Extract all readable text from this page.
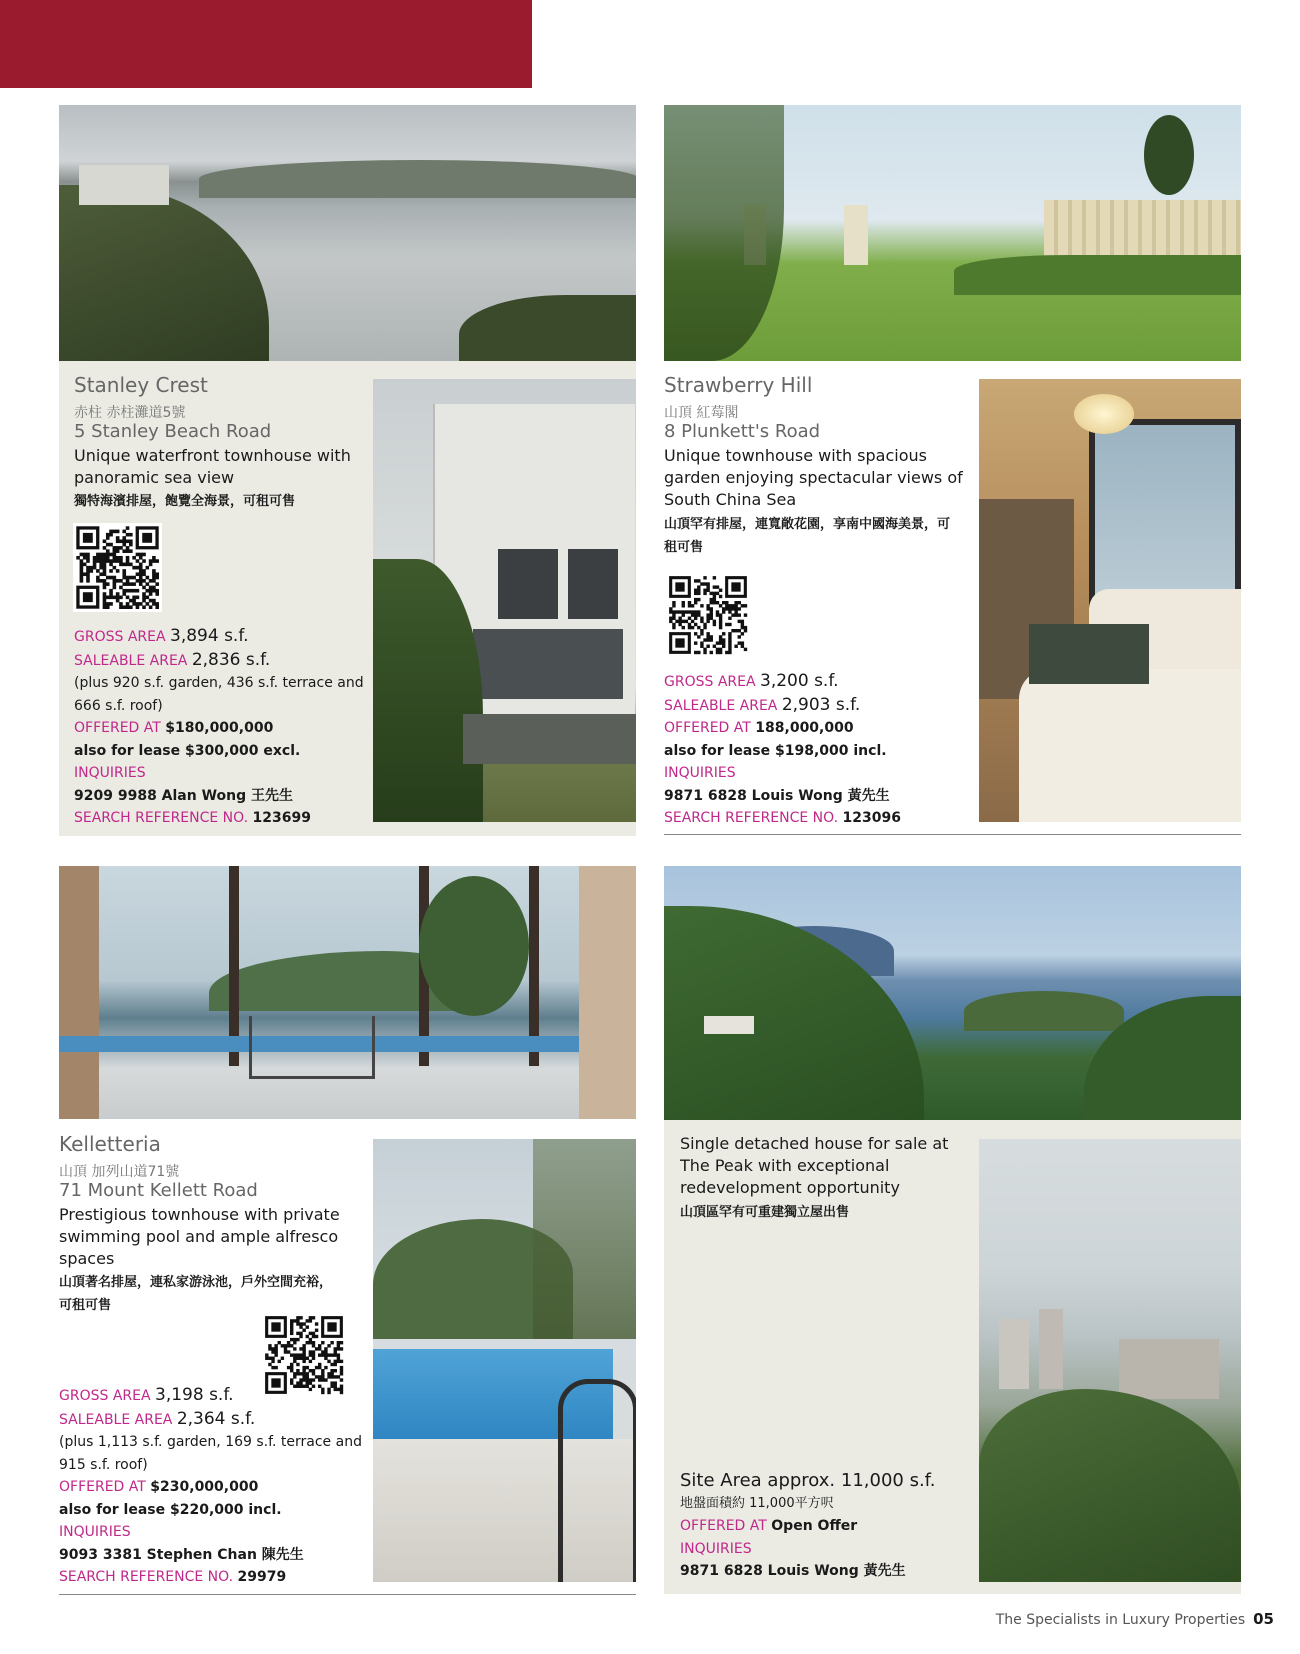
SALE Southside & The Peak
出售 南區及山頂
Stanley Crest
赤柱 赤柱灘道5號
5 Stanley Beach Road
Unique waterfront townhouse with panoramic sea view
獨特海濱排屋，飽覽全海景，可租可售
GROSS AREA 3,894 s.f.
SALEABLE AREA 2,836 s.f.
(plus 920 s.f. garden, 436 s.f. terrace and 666 s.f. roof)
OFFERED AT $180,000,000
also for lease $300,000 excl.
INQUIRIES
9209 9988 Alan Wong 王先生
SEARCH REFERENCE NO. 123699
Strawberry Hill
山頂 紅莓閣
8 Plunkett's Road
Unique townhouse with spacious garden enjoying spectacular views of South China Sea
山頂罕有排屋，連寬敞花園，享南中國海美景，可租可售
GROSS AREA 3,200 s.f.
SALEABLE AREA 2,903 s.f.
OFFERED AT 188,000,000
also for lease $198,000 incl.
INQUIRIES
9871 6828 Louis Wong 黃先生
SEARCH REFERENCE NO. 123096
Kelletteria
山頂 加列山道71號
71 Mount Kellett Road
Prestigious townhouse with private swimming pool and ample alfresco spaces
山頂著名排屋，連私家游泳池，戶外空間充裕，可租可售
GROSS AREA 3,198 s.f.
SALEABLE AREA 2,364 s.f.
(plus 1,113 s.f. garden, 169 s.f. terrace and 915 s.f. roof)
OFFERED AT $230,000,000
also for lease $220,000 incl.
INQUIRIES
9093 3381 Stephen Chan 陳先生
SEARCH REFERENCE NO. 29979
Single detached house for sale at The Peak with exceptional redevelopment opportunity
山頂區罕有可重建獨立屋出售
Site Area approx. 11,000 s.f.
地盤面積約 11,000平方呎
OFFERED AT Open Offer
INQUIRIES
9871 6828 Louis Wong 黃先生
The Specialists in Luxury Properties 05
